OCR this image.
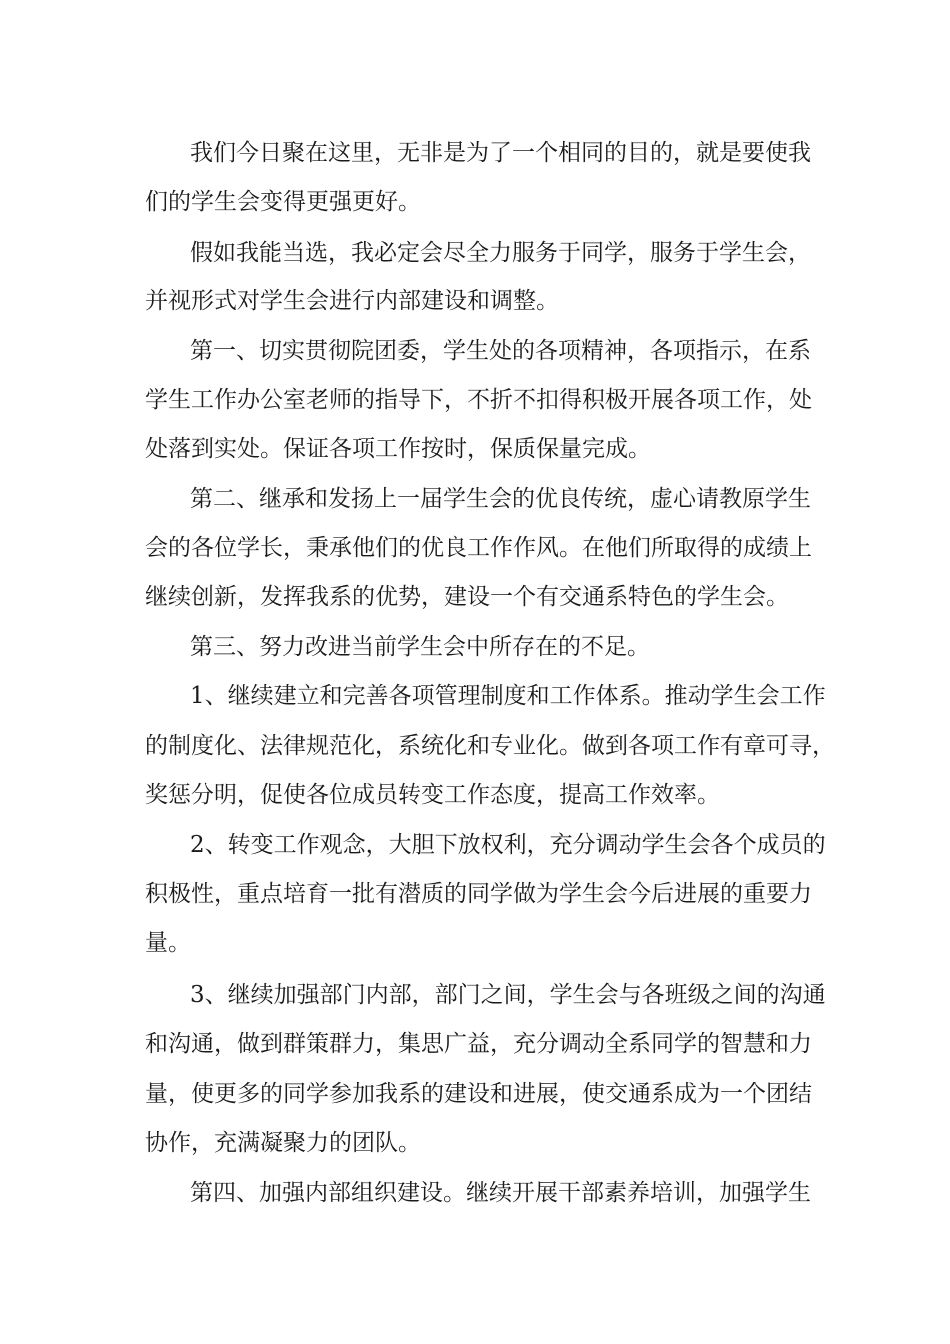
我们今日聚在这里，无非是为了一个相同的目的，就是要使我
们的学生会变得更强更好。
假如我能当选，我必定会尽全力服务于同学，服务于学生会，
并视形式对学生会进行内部建设和调整。
第一、切实贯彻院团委，学生处的各项精神，各项指示，在系
学生工作办公室老师的指导下，不折不扣得积极开展各项工作，处
处落到实处。保证各项工作按时，保质保量完成。
第二、继承和发扬上一届学生会的优良传统，虚心请教原学生
会的各位学长，秉承他们的优良工作作风。在他们所取得的成绩上
继续创新，发挥我系的优势，建设一个有交通系特色的学生会。
第三、努力改进当前学生会中所存在的不足。
1、继续建立和完善各项管理制度和工作体系。推动学生会工作
的制度化、法律规范化，系统化和专业化。做到各项工作有章可寻，
奖惩分明，促使各位成员转变工作态度，提高工作效率。
2、转变工作观念，大胆下放权利，充分调动学生会各个成员的
积极性，重点培育一批有潜质的同学做为学生会今后进展的重要力
量。
3、继续加强部门内部，部门之间，学生会与各班级之间的沟通
和沟通，做到群策群力，集思广益，充分调动全系同学的智慧和力
量，使更多的同学参加我系的建设和进展，使交通系成为一个团结
协作，充满凝聚力的团队。
第四、加强内部组织建设。继续开展干部素养培训，加强学生
